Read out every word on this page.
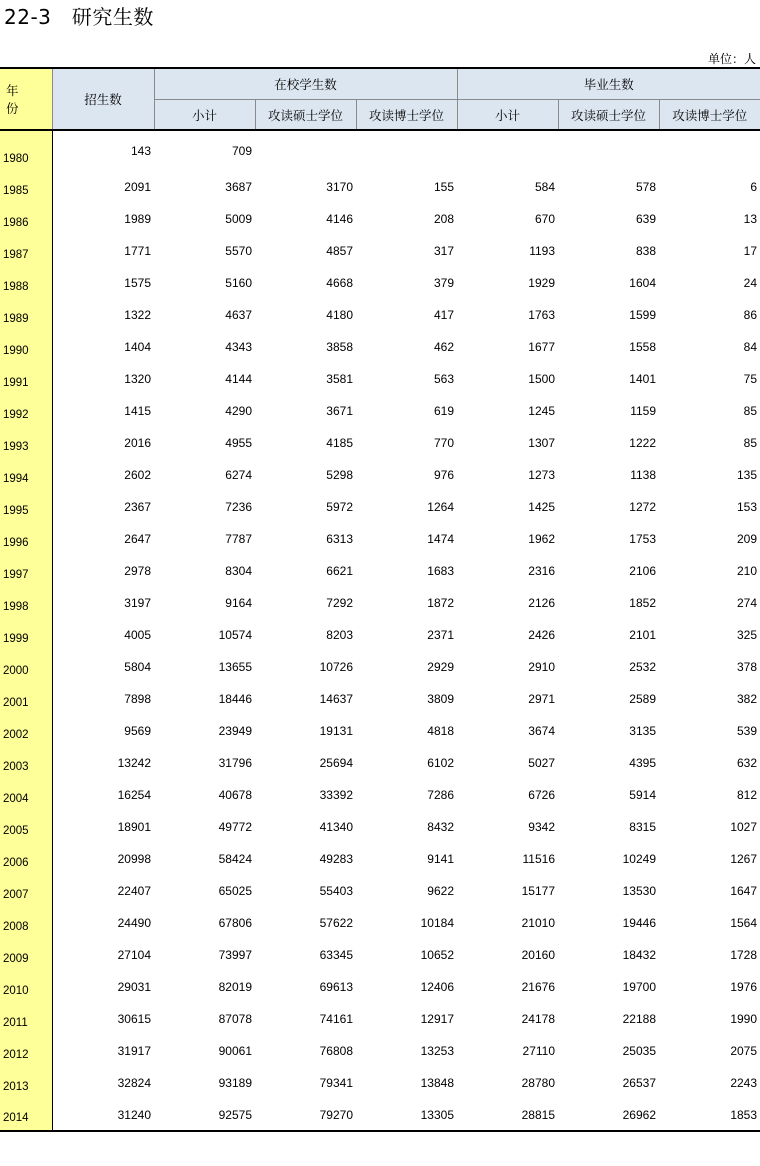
22-3　研究生数
单位：人
年 份	招生数	在校学生数			毕业生数		
		小计	攻读硕士学位	攻读博士学位	小计	攻读硕士学位	攻读博士学位
1980	143	709					
1985	2091	3687	3170	155	584	578	6
1986	1989	5009	4146	208	670	639	13
1987	1771	5570	4857	317	1193	838	17
1988	1575	5160	4668	379	1929	1604	24
1989	1322	4637	4180	417	1763	1599	86
1990	1404	4343	3858	462	1677	1558	84
1991	1320	4144	3581	563	1500	1401	75
1992	1415	4290	3671	619	1245	1159	85
1993	2016	4955	4185	770	1307	1222	85
1994	2602	6274	5298	976	1273	1138	135
1995	2367	7236	5972	1264	1425	1272	153
1996	2647	7787	6313	1474	1962	1753	209
1997	2978	8304	6621	1683	2316	2106	210
1998	3197	9164	7292	1872	2126	1852	274
1999	4005	10574	8203	2371	2426	2101	325
2000	5804	13655	10726	2929	2910	2532	378
2001	7898	18446	14637	3809	2971	2589	382
2002	9569	23949	19131	4818	3674	3135	539
2003	13242	31796	25694	6102	5027	4395	632
2004	16254	40678	33392	7286	6726	5914	812
2005	18901	49772	41340	8432	9342	8315	1027
2006	20998	58424	49283	9141	11516	10249	1267
2007	22407	65025	55403	9622	15177	13530	1647
2008	24490	67806	57622	10184	21010	19446	1564
2009	27104	73997	63345	10652	20160	18432	1728
2010	29031	82019	69613	12406	21676	19700	1976
2011	30615	87078	74161	12917	24178	22188	1990
2012	31917	90061	76808	13253	27110	25035	2075
2013	32824	93189	79341	13848	28780	26537	2243
2014	31240	92575	79270	13305	28815	26962	1853
